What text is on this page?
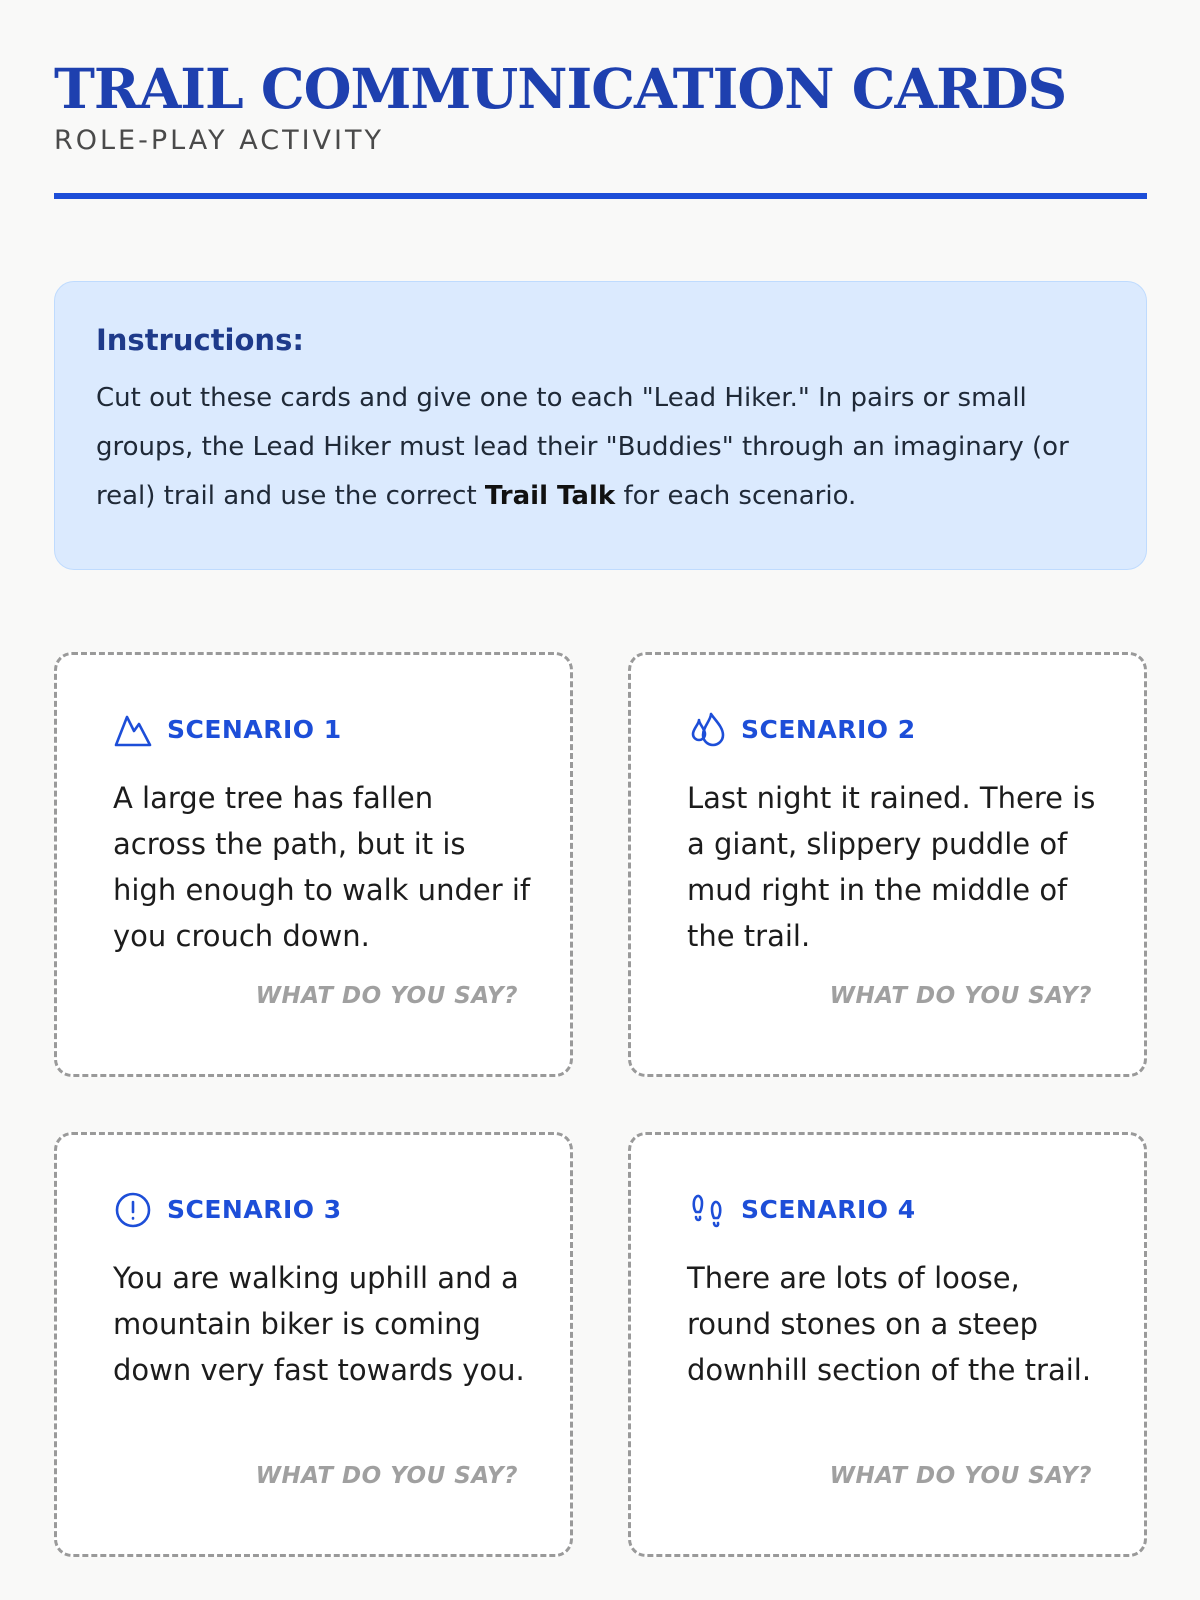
TRAIL COMMUNICATION CARDS
ROLE-PLAY ACTIVITY
Instructions:
Cut out these cards and give one to each "Lead Hiker." In pairs or small groups, the Lead Hiker must lead their "Buddies" through an imaginary (or real) trail and use the correct Trail Talk for each scenario.
SCENARIO 1
A large tree has fallen across the path, but it is high enough to walk under if you crouch down.
WHAT DO YOU SAY?
SCENARIO 2
Last night it rained. There is a giant, slippery puddle of mud right in the middle of the trail.
WHAT DO YOU SAY?
SCENARIO 3
You are walking uphill and a mountain biker is coming down very fast towards you.
WHAT DO YOU SAY?
SCENARIO 4
There are lots of loose, round stones on a steep downhill section of the trail.
WHAT DO YOU SAY?
